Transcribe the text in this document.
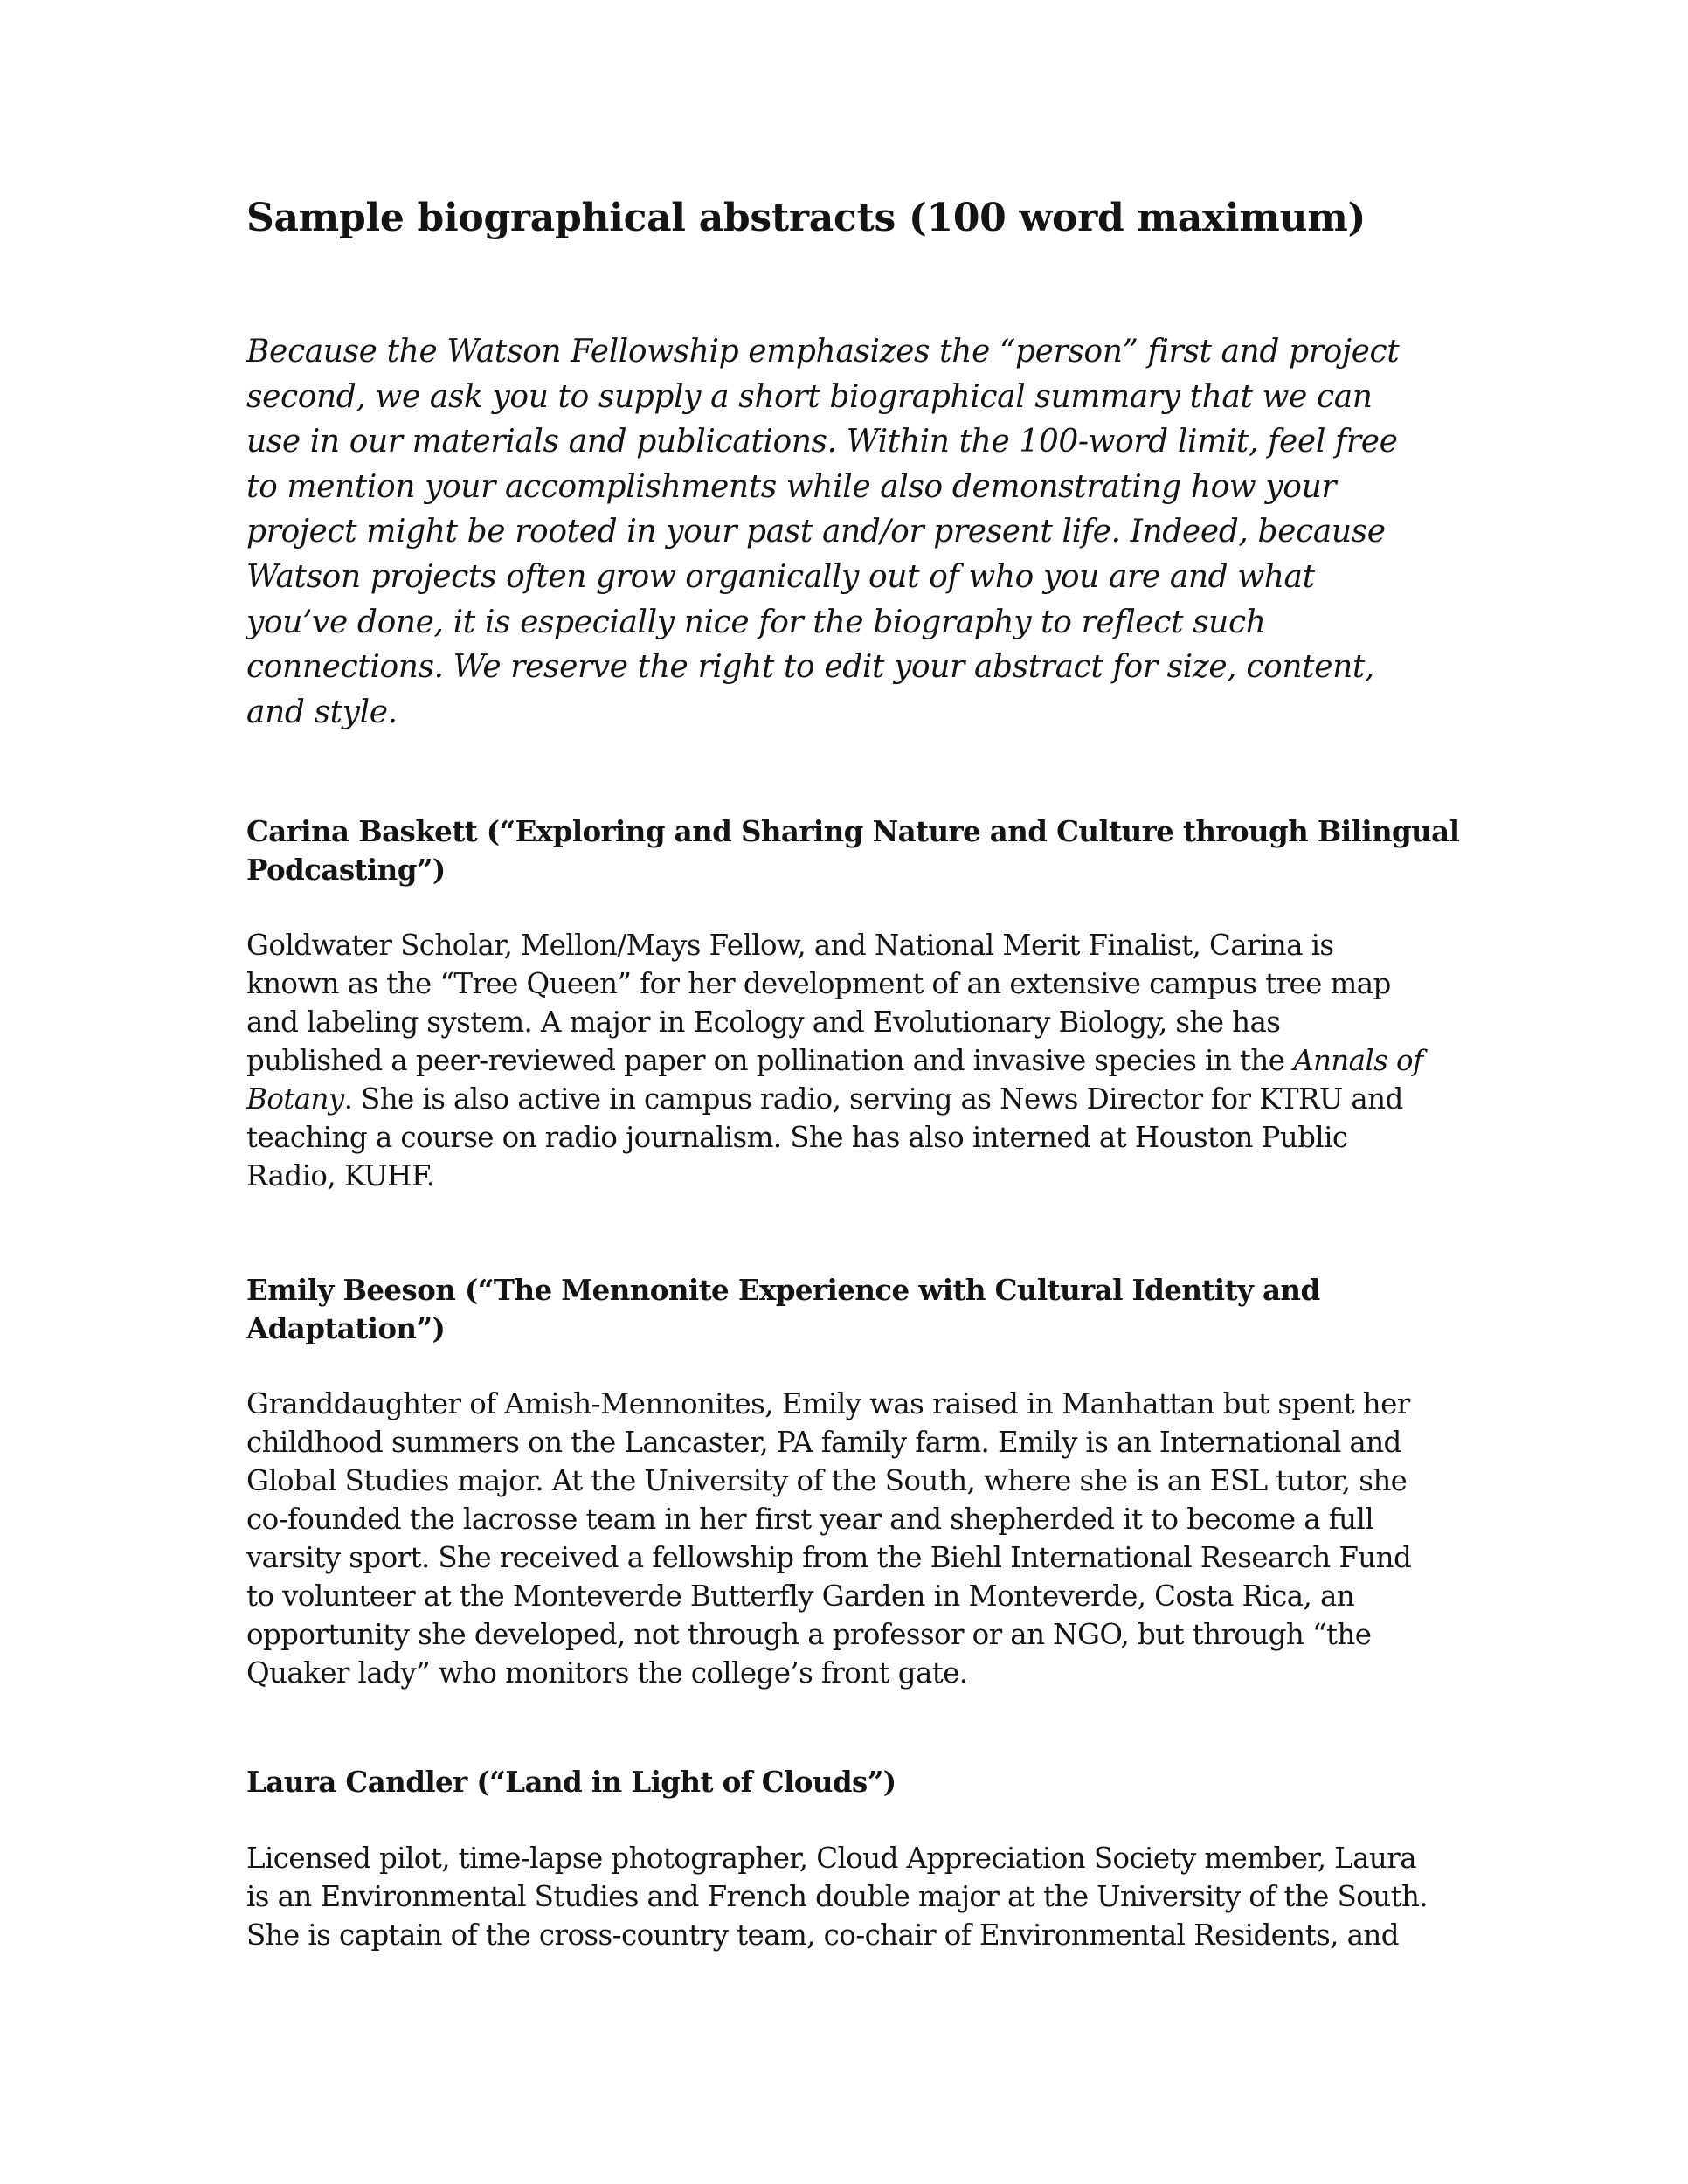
Sample biographical abstracts (100 word maximum)

Because the Watson Fellowship emphasizes the “person” first and project
second, we ask you to supply a short biographical summary that we can
use in our materials and publications. Within the 100-word limit, feel free
to mention your accomplishments while also demonstrating how your
project might be rooted in your past and/or present life. Indeed, because
Watson projects often grow organically out of who you are and what
you’ve done, it is especially nice for the biography to reflect such
connections. We reserve the right to edit your abstract for size, content,
and style.

Carina Baskett (“Exploring and Sharing Nature and Culture through Bilingual
Podcasting”)

Goldwater Scholar, Mellon/Mays Fellow, and National Merit Finalist, Carina is
known as the “Tree Queen” for her development of an extensive campus tree map
and labeling system. A major in Ecology and Evolutionary Biology, she has
published a peer-reviewed paper on pollination and invasive species in the Annals of
Botany. She is also active in campus radio, serving as News Director for KTRU and
teaching a course on radio journalism. She has also interned at Houston Public
Radio, KUHF.

Emily Beeson (“The Mennonite Experience with Cultural Identity and
Adaptation”)

Granddaughter of Amish-Mennonites, Emily was raised in Manhattan but spent her
childhood summers on the Lancaster, PA family farm. Emily is an International and
Global Studies major. At the University of the South, where she is an ESL tutor, she
co-founded the lacrosse team in her first year and shepherded it to become a full
varsity sport. She received a fellowship from the Biehl International Research Fund
to volunteer at the Monteverde Butterfly Garden in Monteverde, Costa Rica, an
opportunity she developed, not through a professor or an NGO, but through “the
Quaker lady” who monitors the college’s front gate.

Laura Candler (“Land in Light of Clouds”)

Licensed pilot, time-lapse photographer, Cloud Appreciation Society member, Laura
is an Environmental Studies and French double major at the University of the South.
She is captain of the cross-country team, co-chair of Environmental Residents, and
